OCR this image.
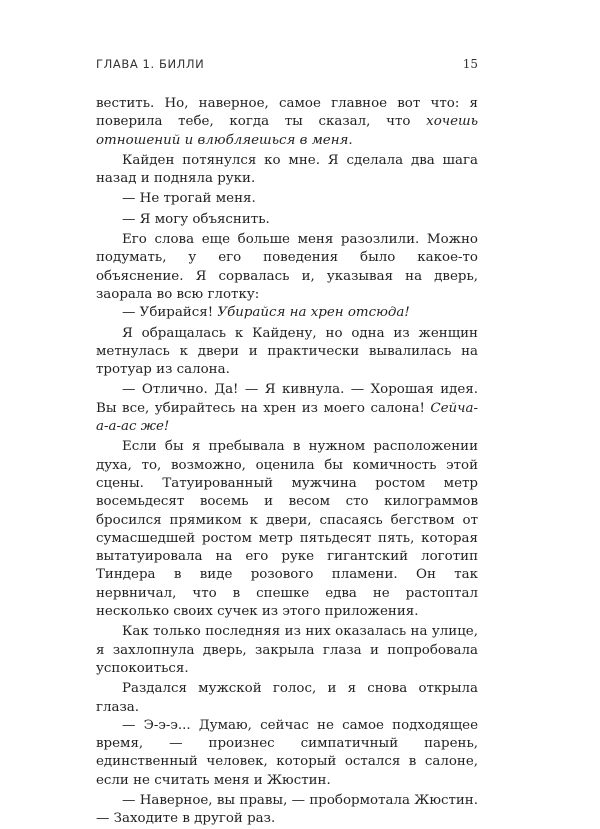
ГЛАВА 1. БИЛЛИ	15

вестить. Но, наверное, самое главное вот что: я поверила тебе, когда ты сказал, что хочешь отношений и влюбляешься в меня.

Кайден потянулся ко мне. Я сделала два шага назад и подняла руки.

— Не трогай меня.

— Я могу объяснить.

Его слова еще больше меня разозлили. Можно подумать, у его поведения было какое-то объяснение. Я сорвалась и, указывая на дверь, заорала во всю глотку:

— Убирайся! Убирайся на хрен отсюда!

Я обращалась к Кайдену, но одна из женщин метнулась к двери и практически вывалилась на тротуар из салона.

— Отлично. Да! — Я кивнула. — Хорошая идея. Вы все, убирайтесь на хрен из моего салона! Сейча-а-а-ас же!

Если бы я пребывала в нужном расположении духа, то, возможно, оценила бы комичность этой сцены. Татуированный мужчина ростом метр восемьдесят восемь и весом сто килограммов бросился прямиком к двери, спасаясь бегством от сумасшедшей ростом метр пятьдесят пять, которая вытатуировала на его руке гигантский логотип Тиндера в виде розового пламени. Он так нервничал, что в спешке едва не растоптал несколько своих сучек из этого приложения.

Как только последняя из них оказалась на улице, я захлопнула дверь, закрыла глаза и попробовала успокоиться.

Раздался мужской голос, и я снова открыла глаза.

— Э-э-э... Думаю, сейчас не самое подходящее время, — произнес симпатичный парень, единственный человек, который остался в салоне, если не считать меня и Жюстин.

— Наверное, вы правы, — пробормотала Жюстин. — Заходите в другой раз.
